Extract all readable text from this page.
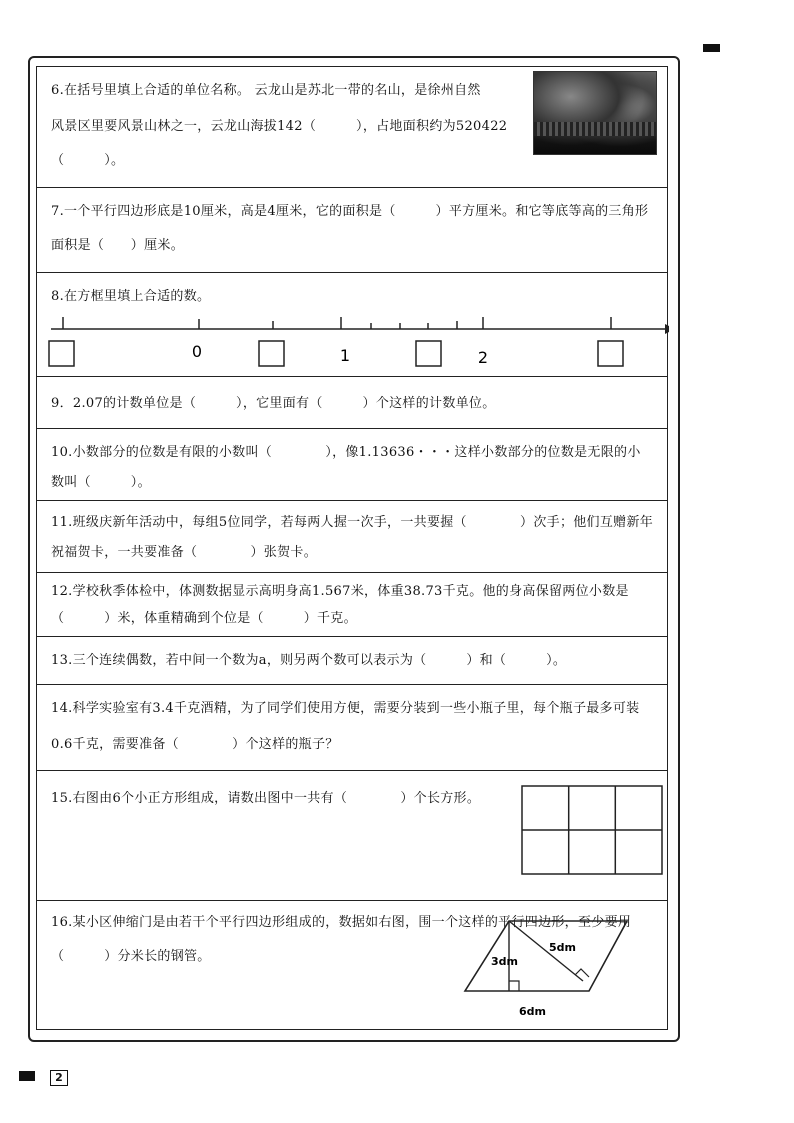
6.在括号里填上合适的单位名称。 云龙山是苏北一带的名山，是徐州自然
风景区里要风景山林之一，云龙山海拔142（　　　），占地面积约为520422
（　　　）。
7.一个平行四边形底是10厘米，高是4厘米，它的面积是（　　　）平方厘米。和它等底等高的三角形
面积是（　　）厘米。
8.在方框里填上合适的数。
0	1	2
9．2.07的计数单位是（　　　），它里面有（　　　）个这样的计数单位。
10.小数部分的位数是有限的小数叫（　　　　），像1.13636・・・这样小数部分的位数是无限的小
数叫（　　　）。
11.班级庆新年活动中，每组5位同学，若每两人握一次手，一共要握（　　　　）次手；他们互赠新年
祝福贺卡，一共要准备（　　　　）张贺卡。
12.学校秋季体检中，体测数据显示高明身高1.567米，体重38.73千克。他的身高保留两位小数是
（　　　）米，体重精确到个位是（　　　）千克。
13.三个连续偶数，若中间一个数为a，则另两个数可以表示为（　　　）和（　　　）。
14.科学实验室有3.4千克酒精，为了同学们使用方便，需要分装到一些小瓶子里，每个瓶子最多可装
0.6千克，需要准备（　　　　）个这样的瓶子？
15.右图由6个小正方形组成，请数出图中一共有（　　　　）个长方形。
16.某小区伸缩门是由若干个平行四边形组成的，数据如右图，围一个这样的平行四边形，至少要用
（　　　）分米长的钢管。
5dm
3dm
6dm
2
